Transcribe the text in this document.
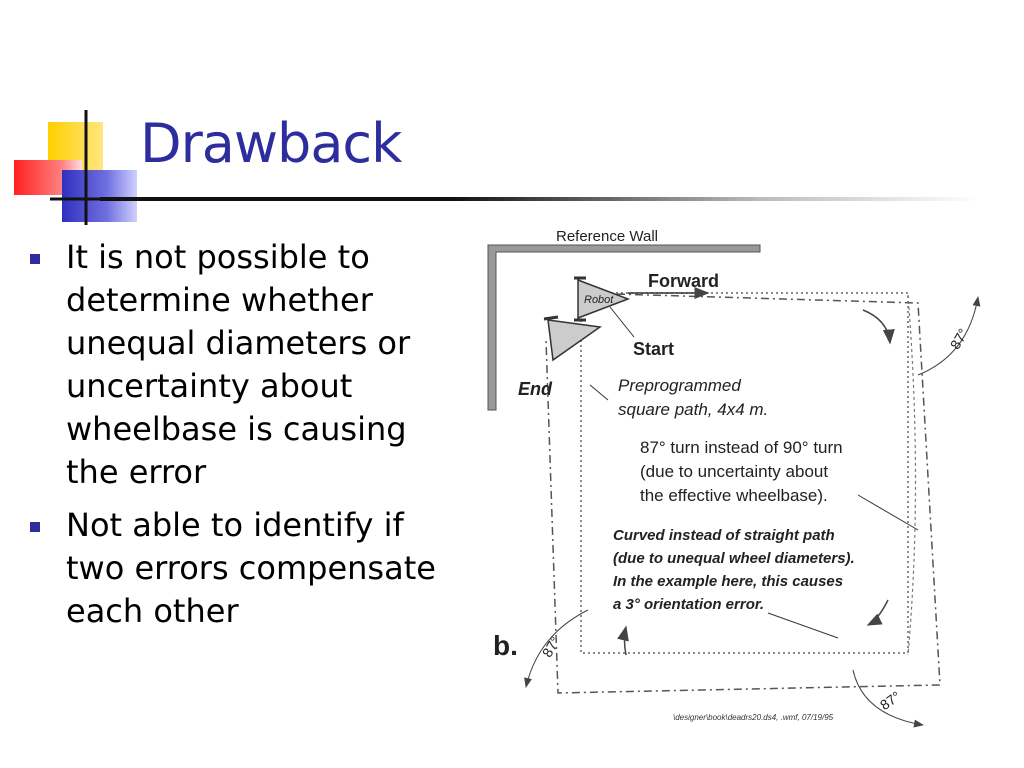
Drawback
It is not possible to determine whether unequal diameters or uncertainty about wheelbase is causing the error
Not able to identify if two errors compensate each other
Reference Wall
Robot
Forward
Start
End	Preprogrammed square path, 4x4 m.
87° turn instead of 90° turn (due to uncertainty about the effective wheelbase).
Curved instead of straight path (due to unequal wheel diameters). In the example here, this causes a 3° orientation error.
87°
87°
87°
b.
\designer\book\deadrs20.ds4, .wmf, 07/19/95
